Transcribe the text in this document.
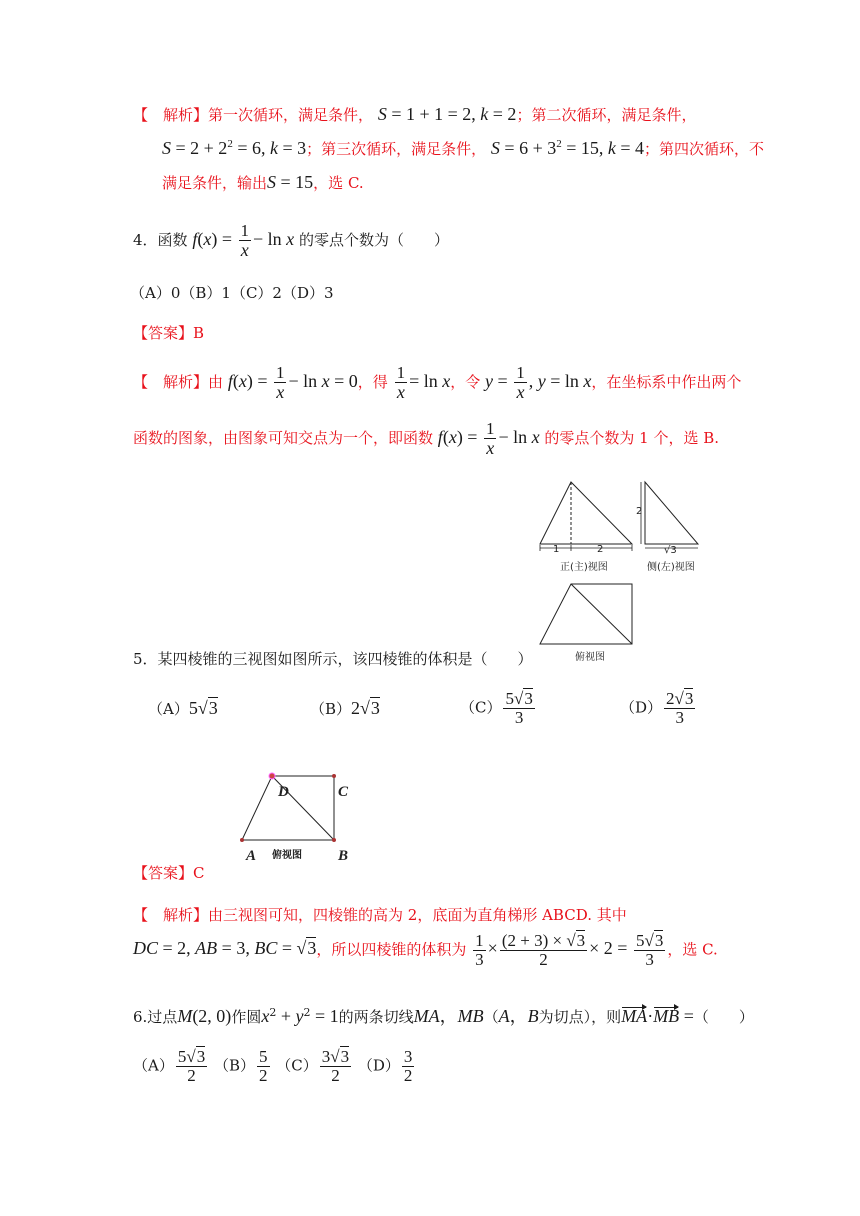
【　解析】第一次循环，满足条件， S = 1 + 1 = 2, k = 2；第二次循环，满足条件，
$S = 2 + 2^2 = 6$, k = 3；第三次循环，满足条件， $S = 6 + 3^2 = 15$, k = 4；第四次循环，不
满足条件，输出S = 15，选 C.
4．函数 $f(x) = \frac{1}{x} - \ln x$ 的零点个数为（　　）
（A）0（B）1（C）2（D）3
【答案】B
【　解析】由 $f(x) = \frac{1}{x} - \ln x = 0$，得 $\frac{1}{x} = \ln x$，令 $y = \frac{1}{x}$ , y = ln x，在坐标系中作出两个
函数的图象，由图象可知交点为一个，即函数 $f(x) = \frac{1}{x} - \ln x$ 的零点个数为 1 个，选 B.
1	2
正(主)视图
2
√3
侧(左)视图
俯视图
5．某四棱锥的三视图如图所示，该四棱锥的体积是（　　）
（A）5√3	（B）2√3	$(C) \frac{5√3}{3}$	$(D) \frac{2√3}{3}$
D	C
A	B
俯视图
【答案】C
【　解析】由三视图可知，四棱锥的高为 2，底面为直角梯形 ABCD. 其中
DC = 2, AB = 3, BC = √3，所以四棱锥的体积为 $\frac{1}{3} \times \frac{(2 + 3) \times √3}{2} \times 2 = \frac{5√3}{3}$ ，选 C.
6.过点M(2, 0)作圆$x^2 + y^2 = 1$的两条切线MA，MB（A，B为切点），则MA·MB =（　　）
$(A) \frac{5√3}{2} (B) \frac{5}{2} (C) \frac{3√3}{2} (D) \frac{3}{2}$
